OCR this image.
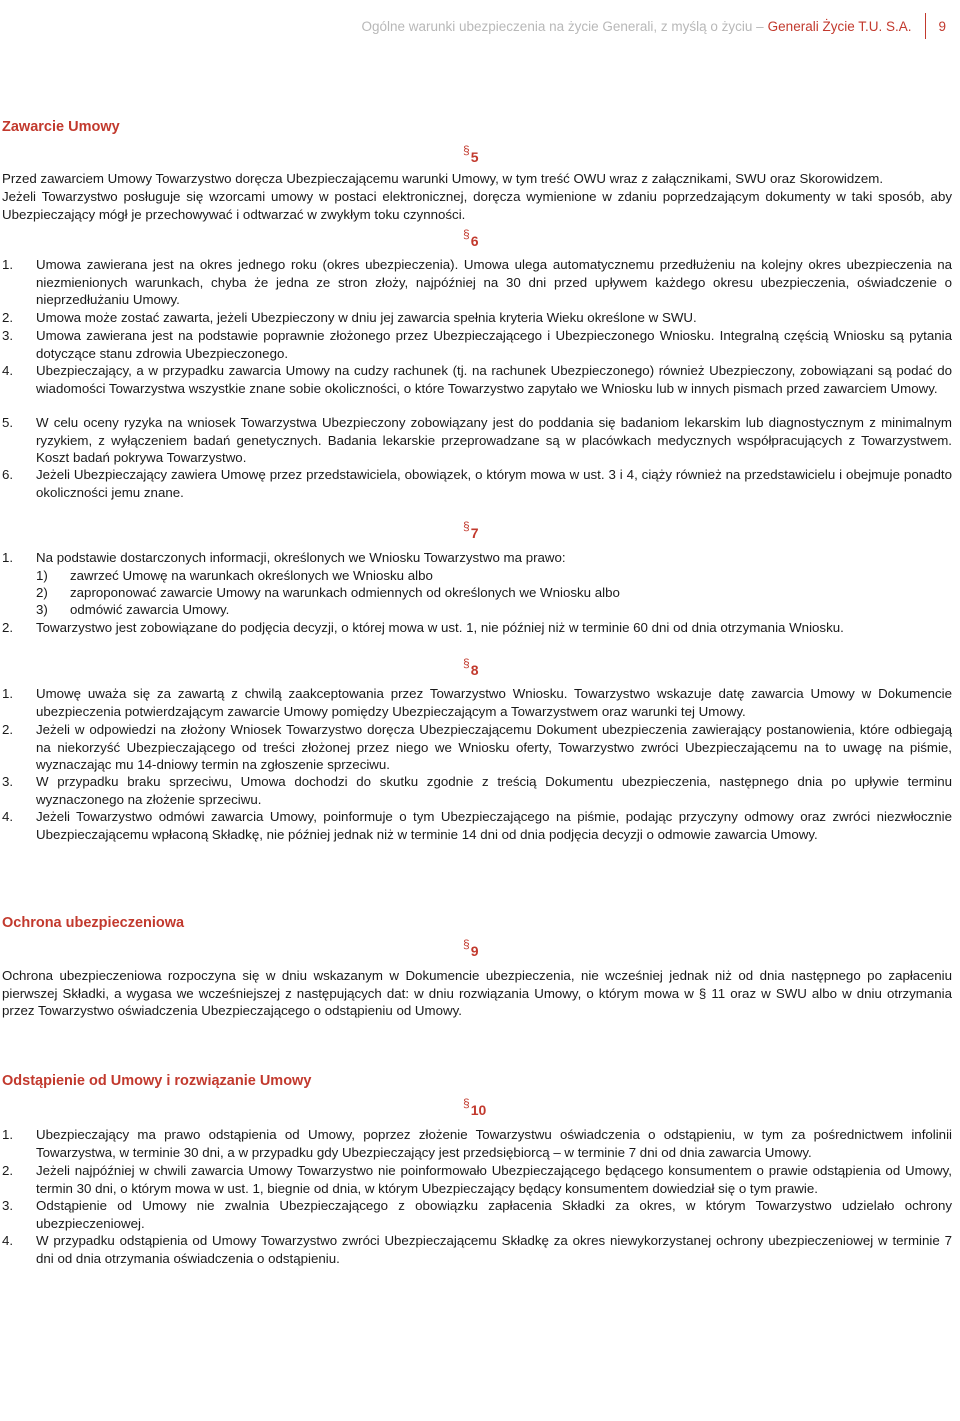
Ogólne warunki ubezpieczenia na życie Generali, z myślą o życiu – Generali Życie T.U. S.A. 9
Zawarcie Umowy
§5

Przed zawarciem Umowy Towarzystwo doręcza Ubezpieczającemu warunki Umowy, w tym treść OWU wraz z załącznikami, SWU oraz Skorowidzem.

Jeżeli Towarzystwo posługuje się wzorcami umowy w postaci elektronicznej, doręcza wymienione w zdaniu poprzedzającym dokumenty w taki sposób, aby Ubezpieczający mógł je przechowywać i odtwarzać w zwykłym toku czynności.

§6
1.	Umowa zawierana jest na okres jednego roku (okres ubezpieczenia). Umowa ulega automatycznemu przedłużeniu na kolejny okres ubezpieczenia na niezmienionych warunkach, chyba że jedna ze stron złoży, najpóźniej na 30 dni przed upływem każdego okresu ubezpieczenia, oświadczenie o nieprzedłużaniu Umowy.
2.	Umowa może zostać zawarta, jeżeli Ubezpieczony w dniu jej zawarcia spełnia kryteria Wieku określone w SWU.
3.	Umowa zawierana jest na podstawie poprawnie złożonego przez Ubezpieczającego i Ubezpieczonego Wniosku. Integralną częścią Wniosku są pytania dotyczące stanu zdrowia Ubezpieczonego.
4.	Ubezpieczający, a w przypadku zawarcia Umowy na cudzy rachunek (tj. na rachunek Ubezpieczonego) również Ubezpieczony, zobowiązani są podać do wiadomości Towarzystwa wszystkie znane sobie okoliczności, o które Towarzystwo zapytało we Wniosku lub w innych pismach przed zawarciem Umowy.
5.	W celu oceny ryzyka na wniosek Towarzystwa Ubezpieczony zobowiązany jest do poddania się badaniom lekarskim lub diagnostycznym z minimalnym ryzykiem, z wyłączeniem badań genetycznych. Badania lekarskie przeprowadzane są w placówkach medycznych współpracujących z Towarzystwem. Koszt badań pokrywa Towarzystwo.
6.	Jeżeli Ubezpieczający zawiera Umowę przez przedstawiciela, obowiązek, o którym mowa w ust. 3 i 4, ciąży również na przedstawicielu i obejmuje ponadto okoliczności jemu znane.
§7
1.	Na podstawie dostarczonych informacji, określonych we Wniosku Towarzystwo ma prawo:
1)	zawrzeć Umowę na warunkach określonych we Wniosku albo
2)	zaproponować zawarcie Umowy na warunkach odmiennych od określonych we Wniosku albo
3)	odmówić zawarcia Umowy.
2.	Towarzystwo jest zobowiązane do podjęcia decyzji, o której mowa w ust. 1, nie później niż w terminie 60 dni od dnia otrzymania Wniosku.
§8
1.	Umowę uważa się za zawartą z chwilą zaakceptowania przez Towarzystwo Wniosku. Towarzystwo wskazuje datę zawarcia Umowy w Dokumencie ubezpieczenia potwierdzającym zawarcie Umowy pomiędzy Ubezpieczającym a Towarzystwem oraz warunki tej Umowy.
2.	Jeżeli w odpowiedzi na złożony Wniosek Towarzystwo doręcza Ubezpieczającemu Dokument ubezpieczenia zawierający postanowienia, które odbiegają na niekorzyść Ubezpieczającego od treści złożonej przez niego we Wniosku oferty, Towarzystwo zwróci Ubezpieczającemu na to uwagę na piśmie, wyznaczając mu 14-dniowy termin na zgłoszenie sprzeciwu.
3.	W przypadku braku sprzeciwu, Umowa dochodzi do skutku zgodnie z treścią Dokumentu ubezpieczenia, następnego dnia po upływie terminu wyznaczonego na złożenie sprzeciwu.
4.	Jeżeli Towarzystwo odmówi zawarcia Umowy, poinformuje o tym Ubezpieczającego na piśmie, podając przyczyny odmowy oraz zwróci niezwłocznie Ubezpieczającemu wpłaconą Składkę, nie później jednak niż w terminie 14 dni od dnia podjęcia decyzji o odmowie zawarcia Umowy.
Ochrona ubezpieczeniowa
§9

Ochrona ubezpieczeniowa rozpoczyna się w dniu wskazanym w Dokumencie ubezpieczenia, nie wcześniej jednak niż od dnia następnego po zapłaceniu pierwszej Składki, a wygasa we wcześniejszej z następujących dat: w dniu rozwiązania Umowy, o którym mowa w § 11 oraz w SWU albo w dniu otrzymania przez Towarzystwo oświadczenia Ubezpieczającego o odstąpieniu od Umowy.

Odstąpienie od Umowy i rozwiązanie Umowy
§10
1.	Ubezpieczający ma prawo odstąpienia od Umowy, poprzez złożenie Towarzystwu oświadczenia o odstąpieniu, w tym za pośrednictwem infolinii Towarzystwa, w terminie 30 dni, a w przypadku gdy Ubezpieczający jest przedsiębiorcą – w terminie 7 dni od dnia zawarcia Umowy.
2.	Jeżeli najpóźniej w chwili zawarcia Umowy Towarzystwo nie poinformowało Ubezpieczającego będącego konsumentem o prawie odstąpienia od Umowy, termin 30 dni, o którym mowa w ust. 1, biegnie od dnia, w którym Ubezpieczający będący konsumentem dowiedział się o tym prawie.
3.	Odstąpienie od Umowy nie zwalnia Ubezpieczającego z obowiązku zapłacenia Składki za okres, w którym Towarzystwo udzielało ochrony ubezpieczeniowej.
4.	W przypadku odstąpienia od Umowy Towarzystwo zwróci Ubezpieczającemu Składkę za okres niewykorzystanej ochrony ubezpieczeniowej w terminie 7 dni od dnia otrzymania oświadczenia o odstąpieniu.
